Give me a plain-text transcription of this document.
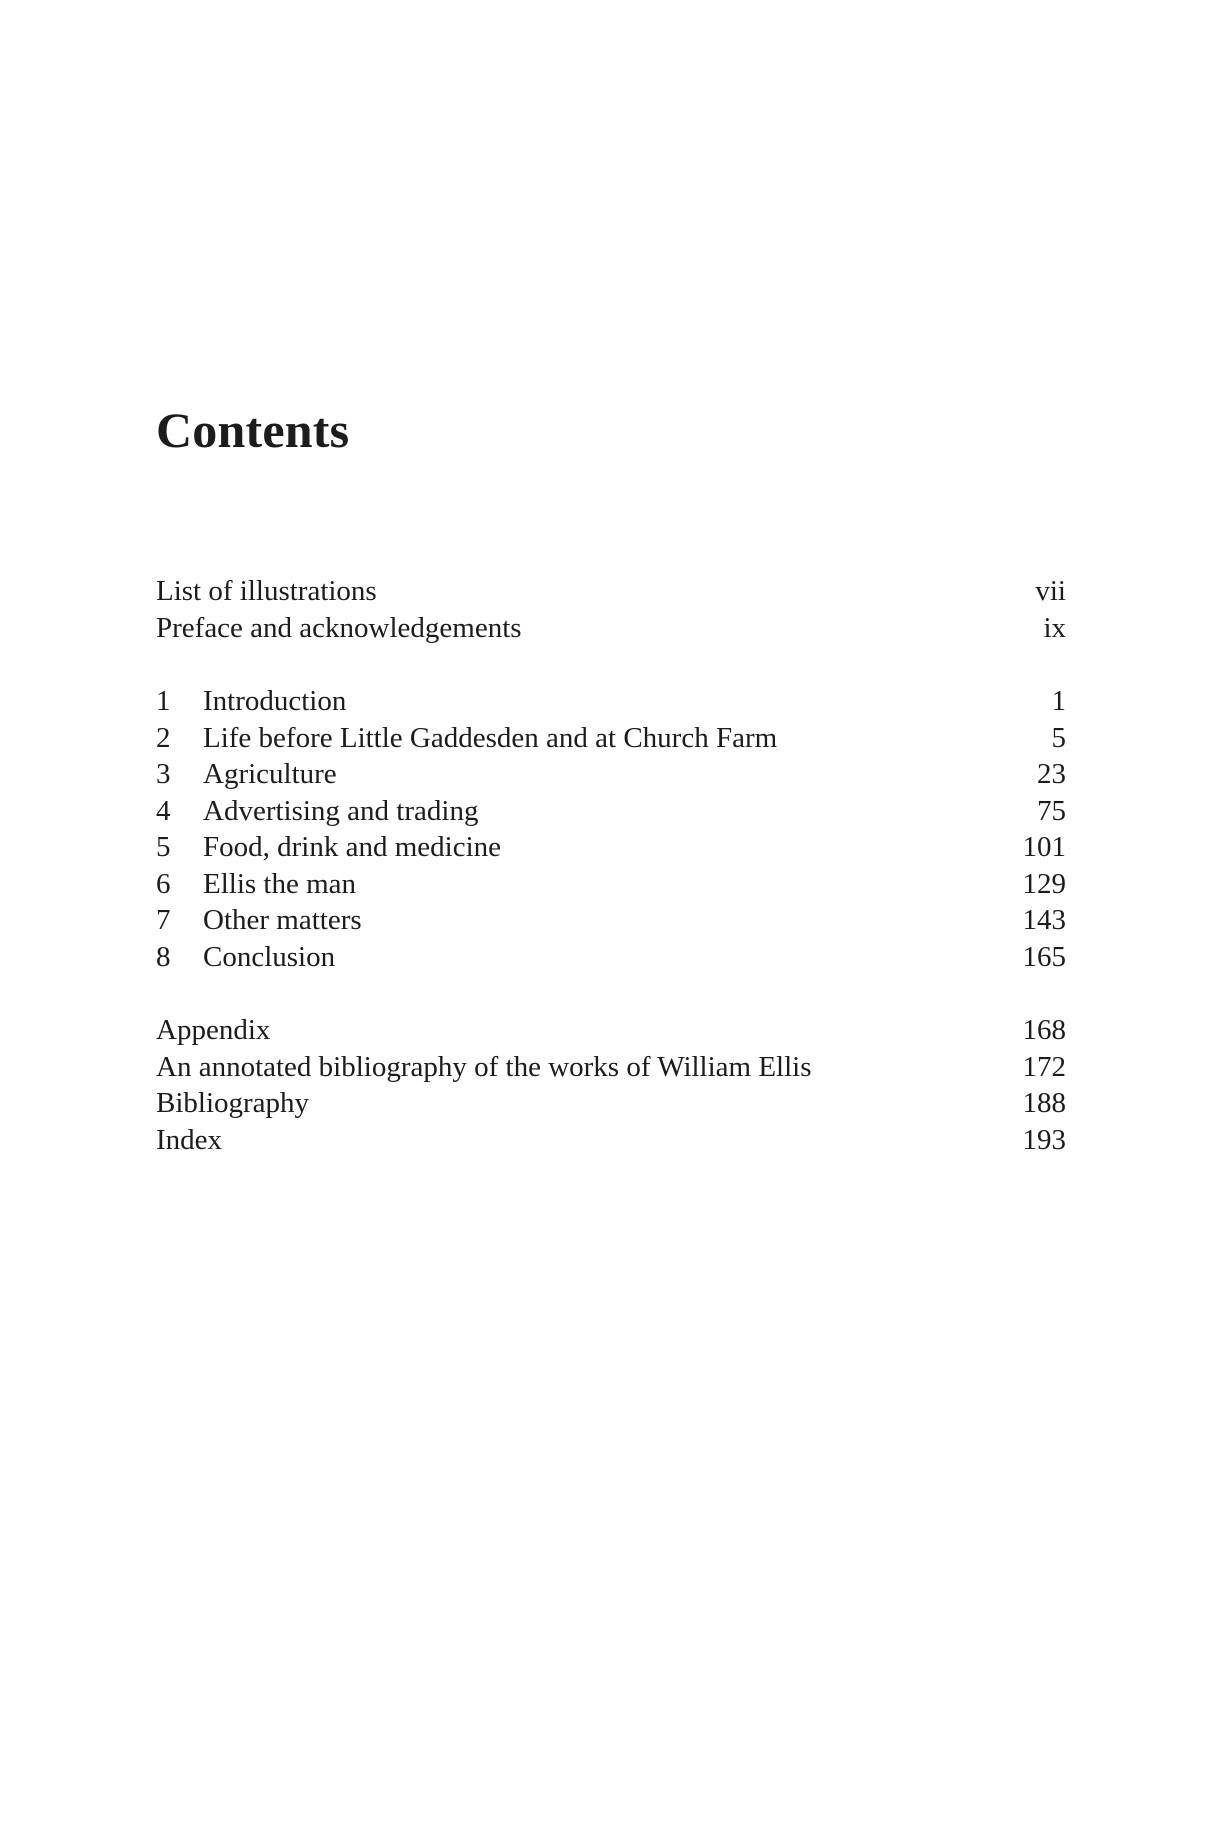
Contents
List of illustrations	vii
Preface and acknowledgements	ix
1	Introduction	1
2	Life before Little Gaddesden and at Church Farm	5
3	Agriculture	23
4	Advertising and trading	75
5	Food, drink and medicine	101
6	Ellis the man	129
7	Other matters	143
8	Conclusion	165
Appendix	168
An annotated bibliography of the works of William Ellis	172
Bibliography	188
Index	193
